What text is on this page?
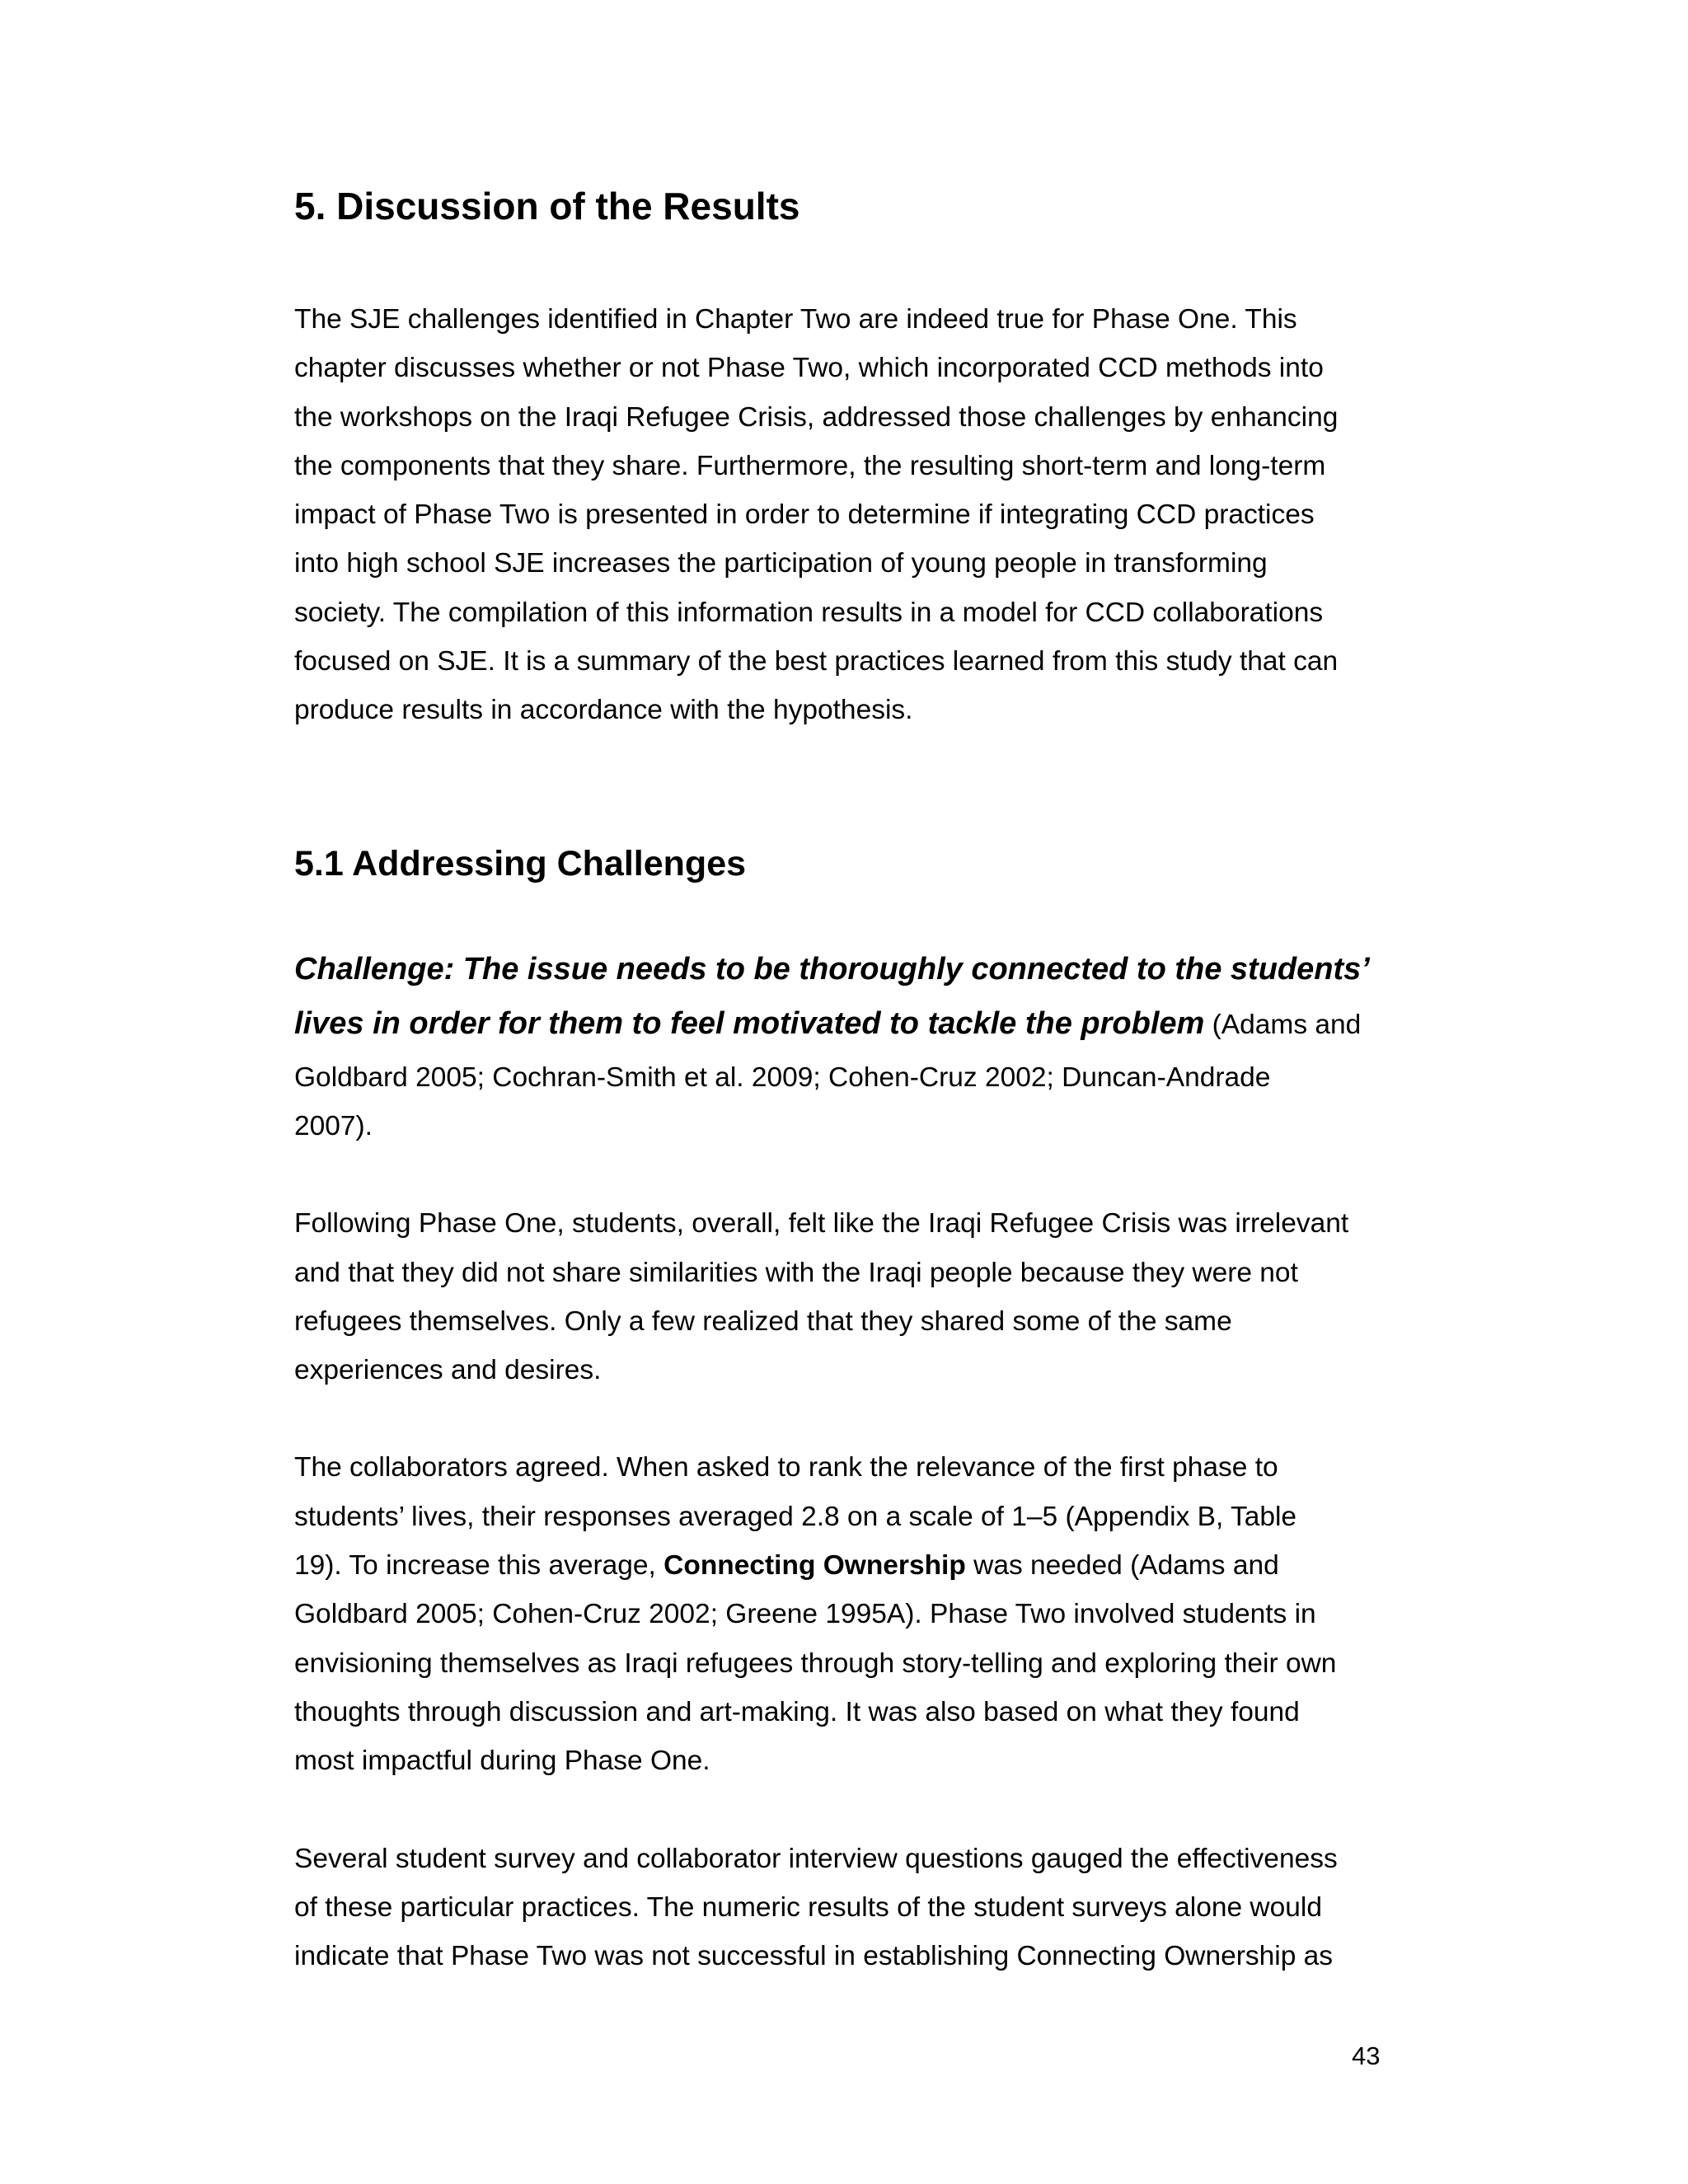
5. Discussion of the Results

The SJE challenges identified in Chapter Two are indeed true for Phase One. This
chapter discusses whether or not Phase Two, which incorporated CCD methods into
the workshops on the Iraqi Refugee Crisis, addressed those challenges by enhancing
the components that they share. Furthermore, the resulting short-term and long-term
impact of Phase Two is presented in order to determine if integrating CCD practices
into high school SJE increases the participation of young people in transforming
society. The compilation of this information results in a model for CCD collaborations
focused on SJE. It is a summary of the best practices learned from this study that can
produce results in accordance with the hypothesis.

5.1 Addressing Challenges

Challenge: The issue needs to be thoroughly connected to the students’
lives in order for them to feel motivated to tackle the problem (Adams and
Goldbard 2005; Cochran-Smith et al. 2009; Cohen-Cruz 2002; Duncan-Andrade
2007).

Following Phase One, students, overall, felt like the Iraqi Refugee Crisis was irrelevant
and that they did not share similarities with the Iraqi people because they were not
refugees themselves. Only a few realized that they shared some of the same
experiences and desires.

The collaborators agreed. When asked to rank the relevance of the first phase to
students’ lives, their responses averaged 2.8 on a scale of 1–5 (Appendix B, Table
19). To increase this average, Connecting Ownership was needed (Adams and
Goldbard 2005; Cohen-Cruz 2002; Greene 1995A). Phase Two involved students in
envisioning themselves as Iraqi refugees through story-telling and exploring their own
thoughts through discussion and art-making. It was also based on what they found
most impactful during Phase One.

Several student survey and collaborator interview questions gauged the effectiveness
of these particular practices. The numeric results of the student surveys alone would
indicate that Phase Two was not successful in establishing Connecting Ownership as

43
